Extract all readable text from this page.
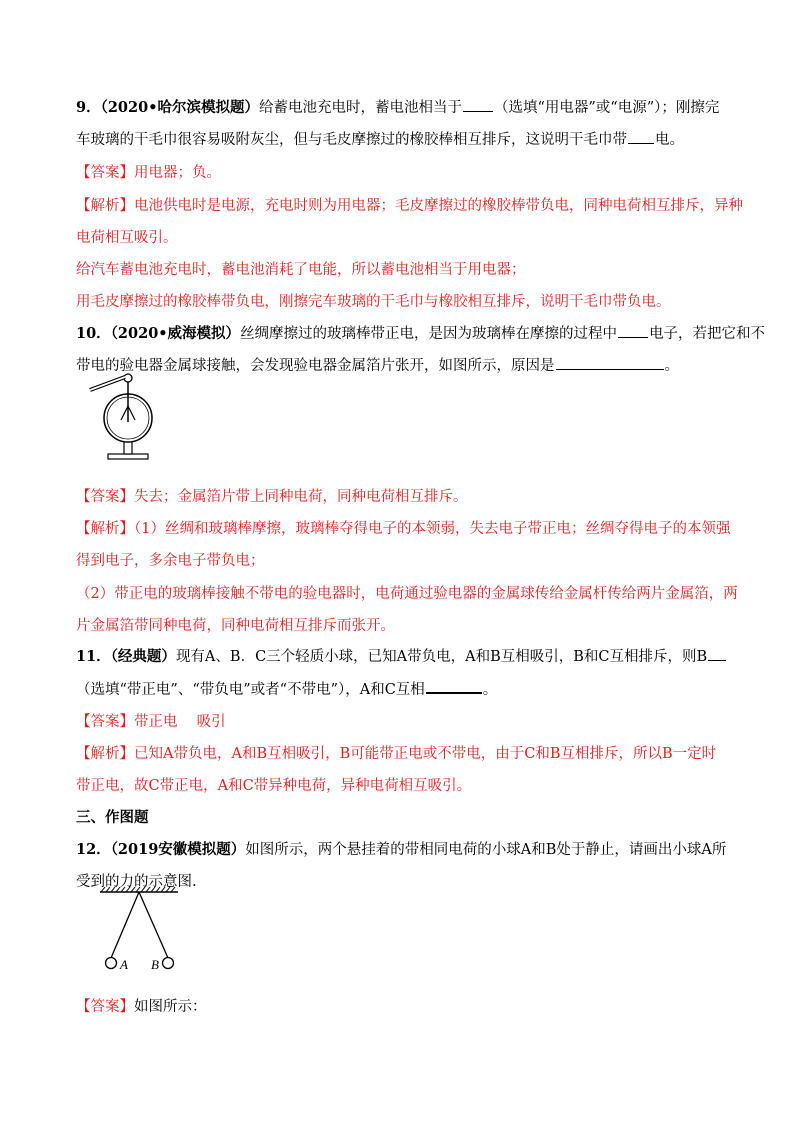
9．（2020•哈尔滨模拟题）给蓄电池充电时，蓄电池相当于 （选填“用电器”或“电源”）；刚擦完
车玻璃的干毛巾很容易吸附灰尘，但与毛皮摩擦过的橡胶棒相互排斥，这说明干毛巾带 电。
【答案】用电器；负。
【解析】电池供电时是电源，充电时则为用电器；毛皮摩擦过的橡胶棒带负电，同种电荷相互排斥，异种
电荷相互吸引。
给汽车蓄电池充电时，蓄电池消耗了电能，所以蓄电池相当于用电器；
用毛皮摩擦过的橡胶棒带负电，刚擦完车玻璃的干毛巾与橡胶相互排斥，说明干毛巾带负电。
10．（2020•威海模拟）丝绸摩擦过的玻璃棒带正电，是因为玻璃棒在摩擦的过程中 电子，若把它和不
带电的验电器金属球接触，会发现验电器金属箔片张开，如图所示，原因是	。
【答案】失去；金属箔片带上同种电荷，同种电荷相互排斥。
【解析】（1）丝绸和玻璃棒摩擦，玻璃棒夺得电子的本领弱，失去电子带正电；丝绸夺得电子的本领强
得到电子，多余电子带负电；
（2）带正电的玻璃棒接触不带电的验电器时，电荷通过验电器的金属球传给金属杆传给两片金属箔，两
片金属箔带同种电荷，同种电荷相互排斥而张开。
11．（经典题）现有A、B．C三个轻质小球，已知A带负电，A和B互相吸引，B和C互相排斥，则B
（选填“带正电”、“带负电”或者“不带电”），A和C互相	。
【答案】带正电　 吸引
【解析】已知A带负电，A和B互相吸引，B可能带正电或不带电，由于C和B互相排斥，所以B一定时
带正电，故C带正电，A和C带异种电荷，异种电荷相互吸引。
三、作图题
12．（2019安徽模拟题）如图所示，两个悬挂着的带相同电荷的小球A和B处于静止，请画出小球A所
受到的力的示意图.
A B
【答案】如图所示：
